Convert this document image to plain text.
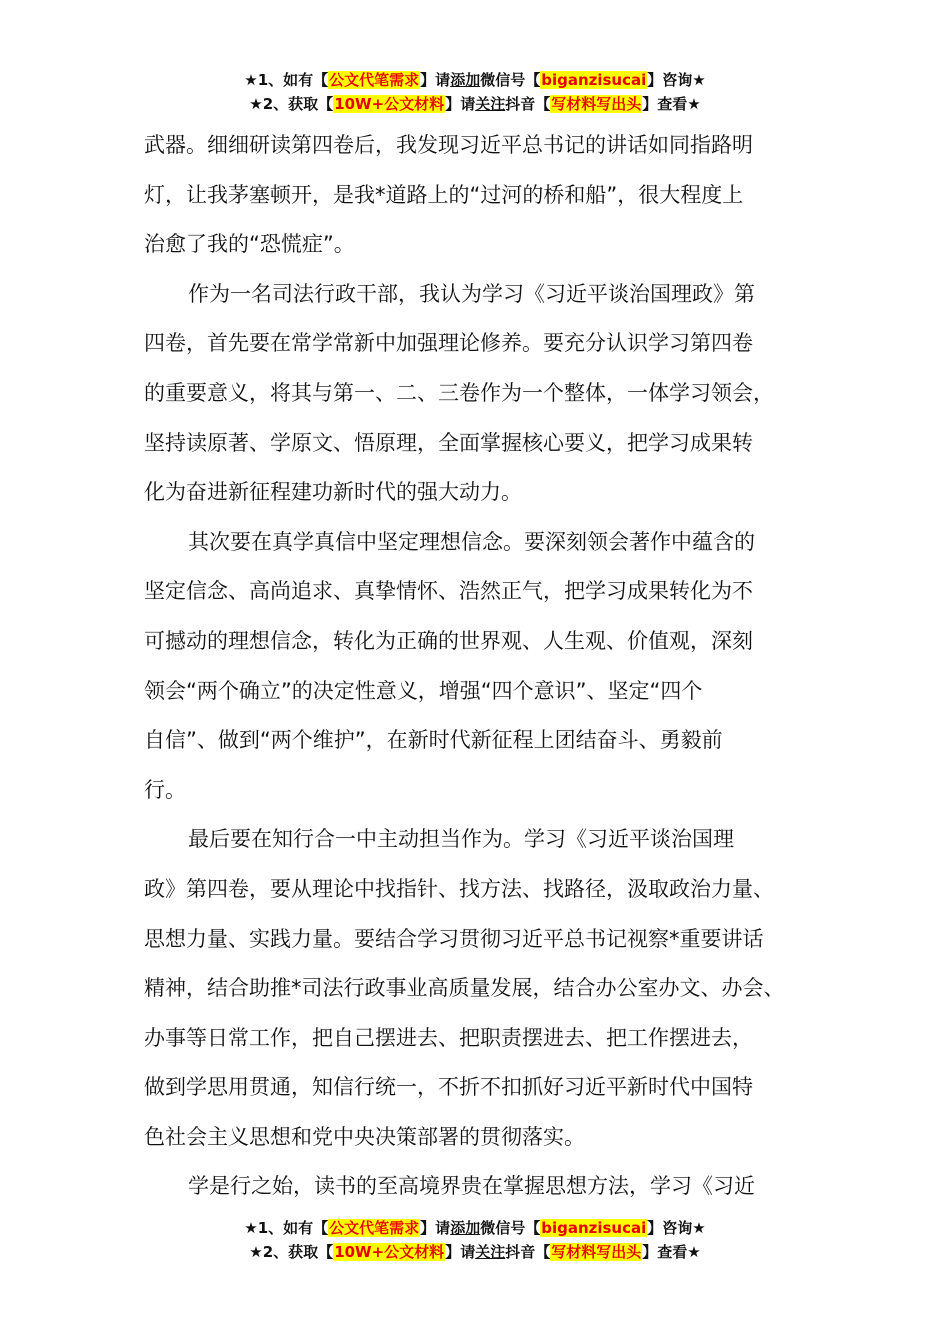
★1、如有【公文代笔需求】请添加微信号【biganzisucai】咨询★
★2、获取【10W+公文材料】请关注抖音【写材料写出头】查看★
武器。细细研读第四卷后，我发现习近平总书记的讲话如同指路明
灯，让我茅塞顿开，是我*道路上的“过河的桥和船”，很大程度上
治愈了我的“恐慌症”。
作为一名司法行政干部，我认为学习《习近平谈治国理政》第
四卷，首先要在常学常新中加强理论修养。要充分认识学习第四卷
的重要意义，将其与第一、二、三卷作为一个整体，一体学习领会，
坚持读原著、学原文、悟原理，全面掌握核心要义，把学习成果转
化为奋进新征程建功新时代的强大动力。
其次要在真学真信中坚定理想信念。要深刻领会著作中蕴含的
坚定信念、高尚追求、真挚情怀、浩然正气，把学习成果转化为不
可撼动的理想信念，转化为正确的世界观、人生观、价值观，深刻
领会“两个确立”的决定性意义，增强“四个意识”、坚定“四个
自信”、做到“两个维护”，在新时代新征程上团结奋斗、勇毅前
行。
最后要在知行合一中主动担当作为。学习《习近平谈治国理
政》第四卷，要从理论中找指针、找方法、找路径，汲取政治力量、
思想力量、实践力量。要结合学习贯彻习近平总书记视察*重要讲话
精神，结合助推*司法行政事业高质量发展，结合办公室办文、办会、
办事等日常工作，把自己摆进去、把职责摆进去、把工作摆进去，
做到学思用贯通，知信行统一，不折不扣抓好习近平新时代中国特
色社会主义思想和党中央决策部署的贯彻落实。
学是行之始，读书的至高境界贵在掌握思想方法，学习《习近
★1、如有【公文代笔需求】请添加微信号【biganzisucai】咨询★
★2、获取【10W+公文材料】请关注抖音【写材料写出头】查看★
